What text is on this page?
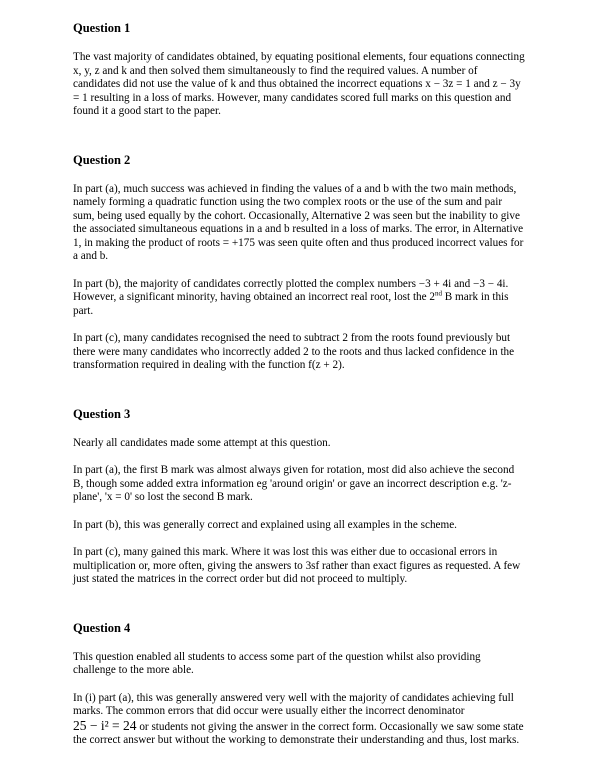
Question 1

The vast majority of candidates obtained, by equating positional elements, four equations connecting x, y, z and k and then solved them simultaneously to find the required values. A number of candidates did not use the value of k and thus obtained the incorrect equations x − 3z = 1 and z − 3y = 1 resulting in a loss of marks. However, many candidates scored full marks on this question and found it a good start to the paper.

Question 2

In part (a), much success was achieved in finding the values of a and b with the two main methods, namely forming a quadratic function using the two complex roots or the use of the sum and pair sum, being used equally by the cohort. Occasionally, Alternative 2 was seen but the inability to give the associated simultaneous equations in a and b resulted in a loss of marks. The error, in Alternative 1, in making the product of roots = +175 was seen quite often and thus produced incorrect values for a and b.

In part (b), the majority of candidates correctly plotted the complex numbers −3 + 4i and −3 − 4i. However, a significant minority, having obtained an incorrect real root, lost the 2nd B mark in this part.

In part (c), many candidates recognised the need to subtract 2 from the roots found previously but there were many candidates who incorrectly added 2 to the roots and thus lacked confidence in the transformation required in dealing with the function f(z + 2).

Question 3

Nearly all candidates made some attempt at this question.

In part (a), the first B mark was almost always given for rotation, most did also achieve the second B, though some added extra information eg 'around origin' or gave an incorrect description e.g. 'z-plane', 'x = 0' so lost the second B mark.

In part (b), this was generally correct and explained using all examples in the scheme.

In part (c), many gained this mark. Where it was lost this was either due to occasional errors in multiplication or, more often, giving the answers to 3sf rather than exact figures as requested. A few just stated the matrices in the correct order but did not proceed to multiply.

Question 4

This question enabled all students to access some part of the question whilst also providing challenge to the more able.

In (i) part (a), this was generally answered very well with the majority of candidates achieving full marks. The common errors that did occur were usually either the incorrect denominator
25 − i² = 24 or students not giving the answer in the correct form. Occasionally we saw some state the correct answer but without the working to demonstrate their understanding and thus, lost marks.
